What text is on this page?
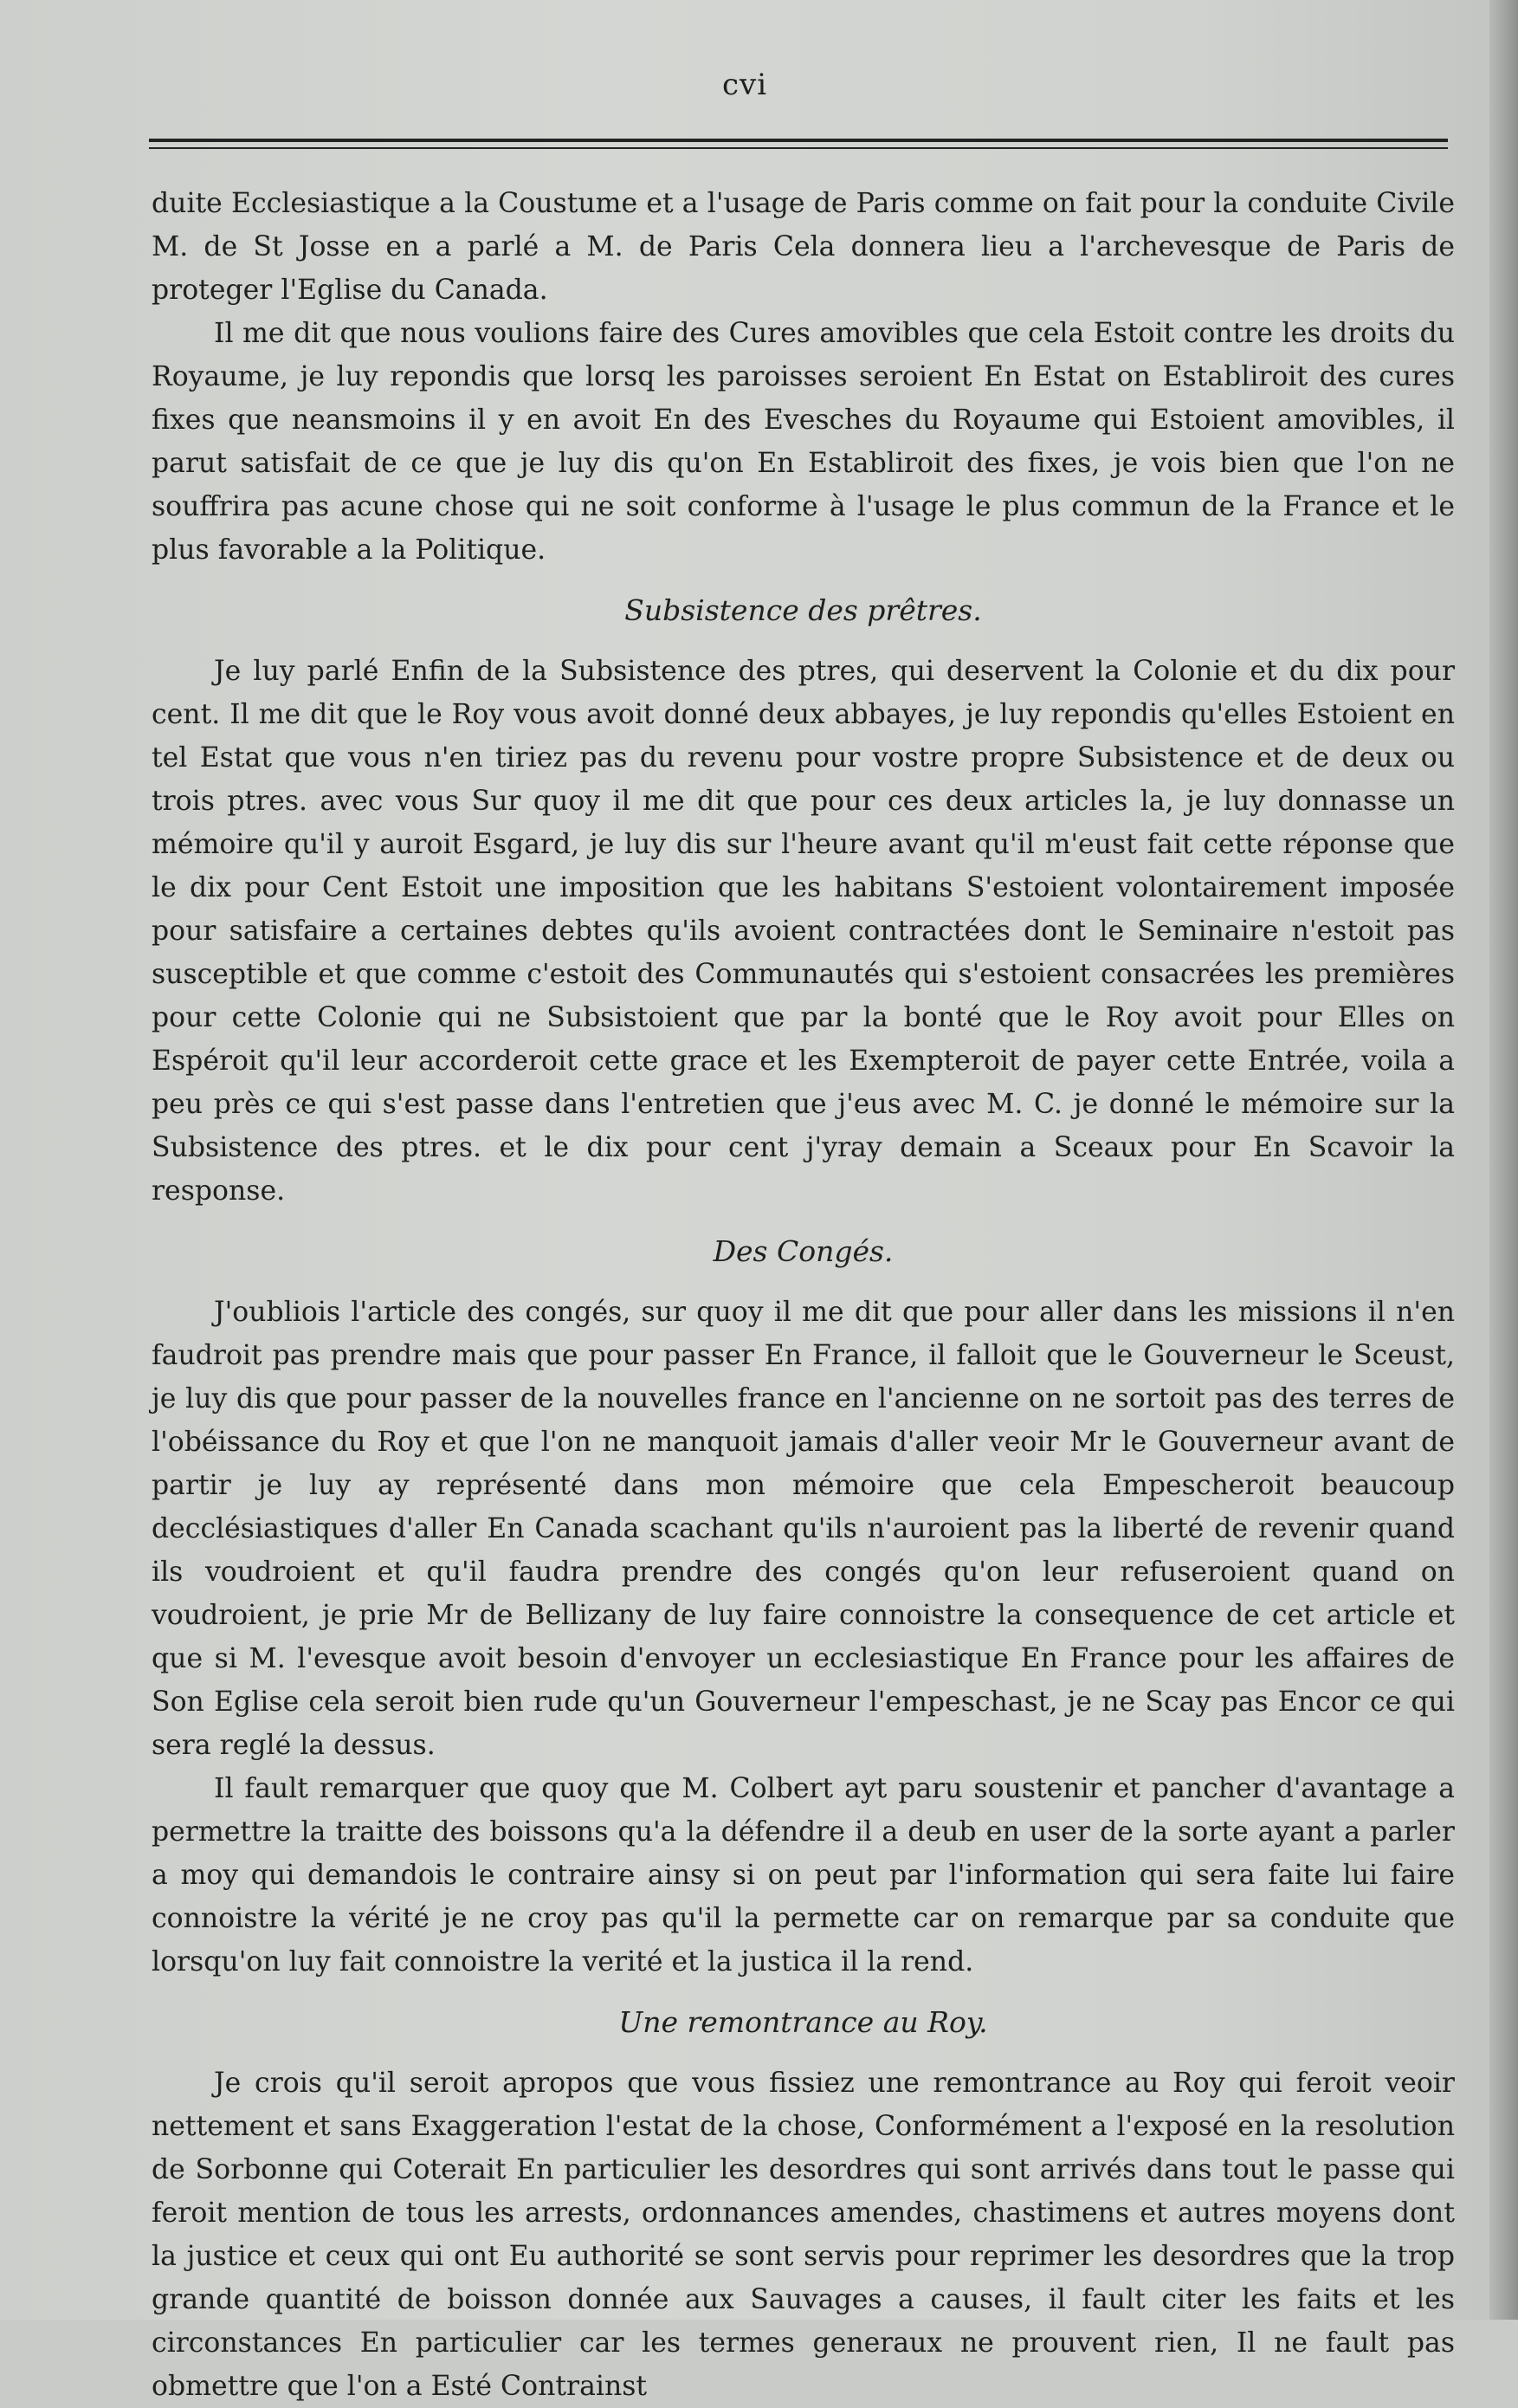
cvi

duite Ecclesiastique a la Coustume et a l'usage de Paris comme on fait pour la conduite Civile M. de St Josse en a parlé a M. de Paris Cela donnera lieu a l'archevesque de Paris de proteger l'Eglise du Canada.

Il me dit que nous voulions faire des Cures amovibles que cela Estoit contre les droits du Royaume, je luy repondis que lorsq les paroisses seroient En Estat on Establiroit des cures fixes que neansmoins il y en avoit En des Evesches du Royaume qui Estoient amovibles, il parut satisfait de ce que je luy dis qu'on En Establiroit des fixes, je vois bien que l'on ne souffrira pas acune chose qui ne soit conforme à l'usage le plus commun de la France et le plus favorable a la Politique.

Subsistence des prêtres.

Je luy parlé Enfin de la Subsistence des ptres, qui deservent la Colonie et du dix pour cent. Il me dit que le Roy vous avoit donné deux abbayes, je luy repondis qu'elles Estoient en tel Estat que vous n'en tiriez pas du revenu pour vostre propre Subsistence et de deux ou trois ptres. avec vous Sur quoy il me dit que pour ces deux articles la, je luy donnasse un mémoire qu'il y auroit Esgard, je luy dis sur l'heure avant qu'il m'eust fait cette réponse que le dix pour Cent Estoit une imposition que les habitans S'estoient volontairement imposée pour satisfaire a certaines debtes qu'ils avoient contractées dont le Seminaire n'estoit pas susceptible et que comme c'estoit des Communautés qui s'estoient consacrées les premières pour cette Colonie qui ne Subsistoient que par la bonté que le Roy avoit pour Elles on Espéroit qu'il leur accorderoit cette grace et les Exempteroit de payer cette Entrée, voila a peu près ce qui s'est passe dans l'entretien que j'eus avec M. C. je donné le mémoire sur la Subsistence des ptres. et le dix pour cent j'yray demain a Sceaux pour En Scavoir la response.

Des Congés.

J'oubliois l'article des congés, sur quoy il me dit que pour aller dans les missions il n'en faudroit pas prendre mais que pour passer En France, il falloit que le Gouverneur le Sceust, je luy dis que pour passer de la nouvelles france en l'ancienne on ne sortoit pas des terres de l'obéissance du Roy et que l'on ne manquoit jamais d'aller veoir Mr le Gouverneur avant de partir je luy ay représenté dans mon mémoire que cela Empescheroit beaucoup decclésiastiques d'aller En Canada scachant qu'ils n'auroient pas la liberté de revenir quand ils voudroient et qu'il faudra prendre des congés qu'on leur refuseroient quand on voudroient, je prie Mr de Bellizany de luy faire connoistre la consequence de cet article et que si M. l'evesque avoit besoin d'envoyer un ecclesiastique En France pour les affaires de Son Eglise cela seroit bien rude qu'un Gouverneur l'empeschast, je ne Scay pas Encor ce qui sera reglé la dessus.

Il fault remarquer que quoy que M. Colbert ayt paru soustenir et pancher d'avantage a permettre la traitte des boissons qu'a la défendre il a deub en user de la sorte ayant a parler a moy qui demandois le contraire ainsy si on peut par l'information qui sera faite lui faire connoistre la vérité je ne croy pas qu'il la permette car on remarque par sa conduite que lorsqu'on luy fait connoistre la verité et la justica il la rend.

Une remontrance au Roy.

Je crois qu'il seroit apropos que vous fissiez une remontrance au Roy qui feroit veoir nettement et sans Exaggeration l'estat de la chose, Conformément a l'exposé en la resolution de Sorbonne qui Coterait En particulier les desordres qui sont arrivés dans tout le passe qui feroit mention de tous les arrests, ordonnances amendes, chastimens et autres moyens dont la justice et ceux qui ont Eu authorité se sont servis pour reprimer les desordres que la trop grande quantité de boisson donnée aux Sauvages a causes, il fault citer les faits et les circonstances En particulier car les termes generaux ne prouvent rien, Il ne fault pas obmettre que l'on a Esté Contrainst
